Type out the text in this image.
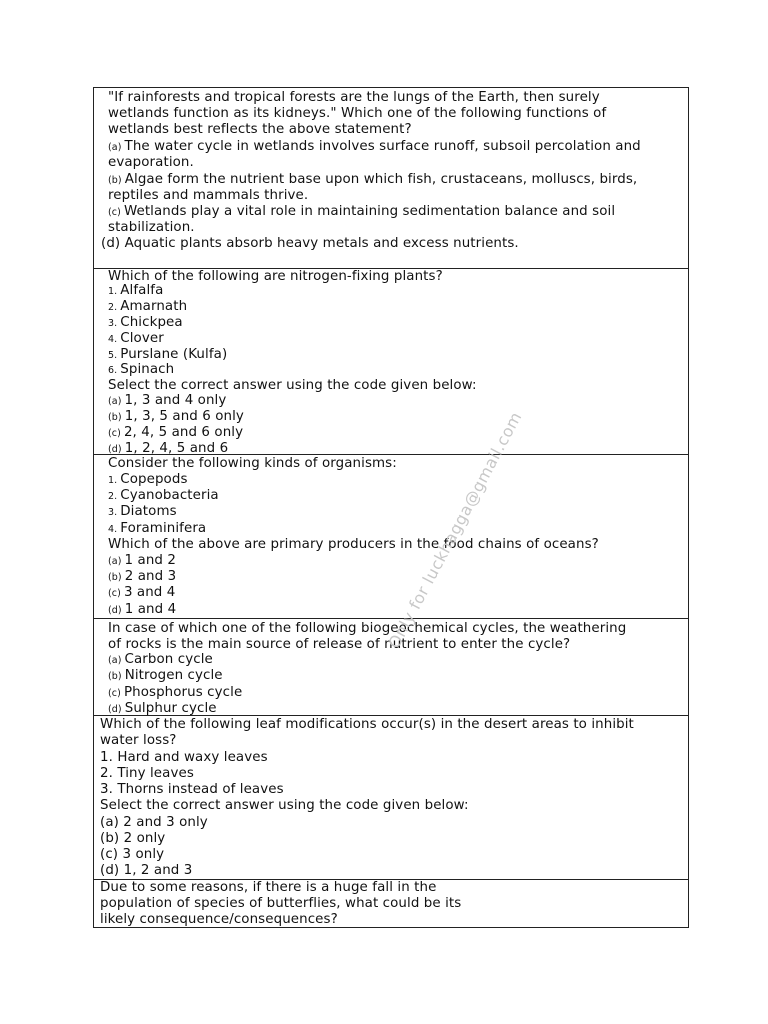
"If rainforests and tropical forests are the lungs of the Earth, then surely
wetlands function as its kidneys." Which one of the following functions of
wetlands best reflects the above statement?
(a) The water cycle in wetlands involves surface runoff, subsoil percolation and
evaporation.
(b) Algae form the nutrient base upon which fish, crustaceans, molluscs, birds,
reptiles and mammals thrive.
(c) Wetlands play a vital role in maintaining sedimentation balance and soil
stabilization.
(d) Aquatic plants absorb heavy metals and excess nutrients.
Which of the following are nitrogen-fixing plants?
1. Alfalfa
2. Amarnath
3. Chickpea
4. Clover
5. Purslane (Kulfa)
6. Spinach
Select the correct answer using the code given below:
(a) 1, 3 and 4 only
(b) 1, 3, 5 and 6 only
(c) 2, 4, 5 and 6 only
(d) 1, 2, 4, 5 and 6
Consider the following kinds of organisms:
1. Copepods
2. Cyanobacteria
3. Diatoms
4. Foraminifera
Which of the above are primary producers in the food chains of oceans?
(a) 1 and 2
(b) 2 and 3
(c) 3 and 4
(d) 1 and 4
In case of which one of the following biogeochemical cycles, the weathering
of rocks is the main source of release of nutrient to enter the cycle?
(a) Carbon cycle
(b) Nitrogen cycle
(c) Phosphorus cycle
(d) Sulphur cycle
Which of the following leaf modifications occur(s) in the desert areas to inhibit
water loss?
1. Hard and waxy leaves
2. Tiny leaves
3. Thorns instead of leaves
Select the correct answer using the code given below:
(a) 2 and 3 only
(b) 2 only
(c) 3 only
(d) 1, 2 and 3
Due to some reasons, if there is a huge fall in the
population of species of butterflies, what could be its
likely consequence/consequences?
Only for luckhagga@gmail.com
